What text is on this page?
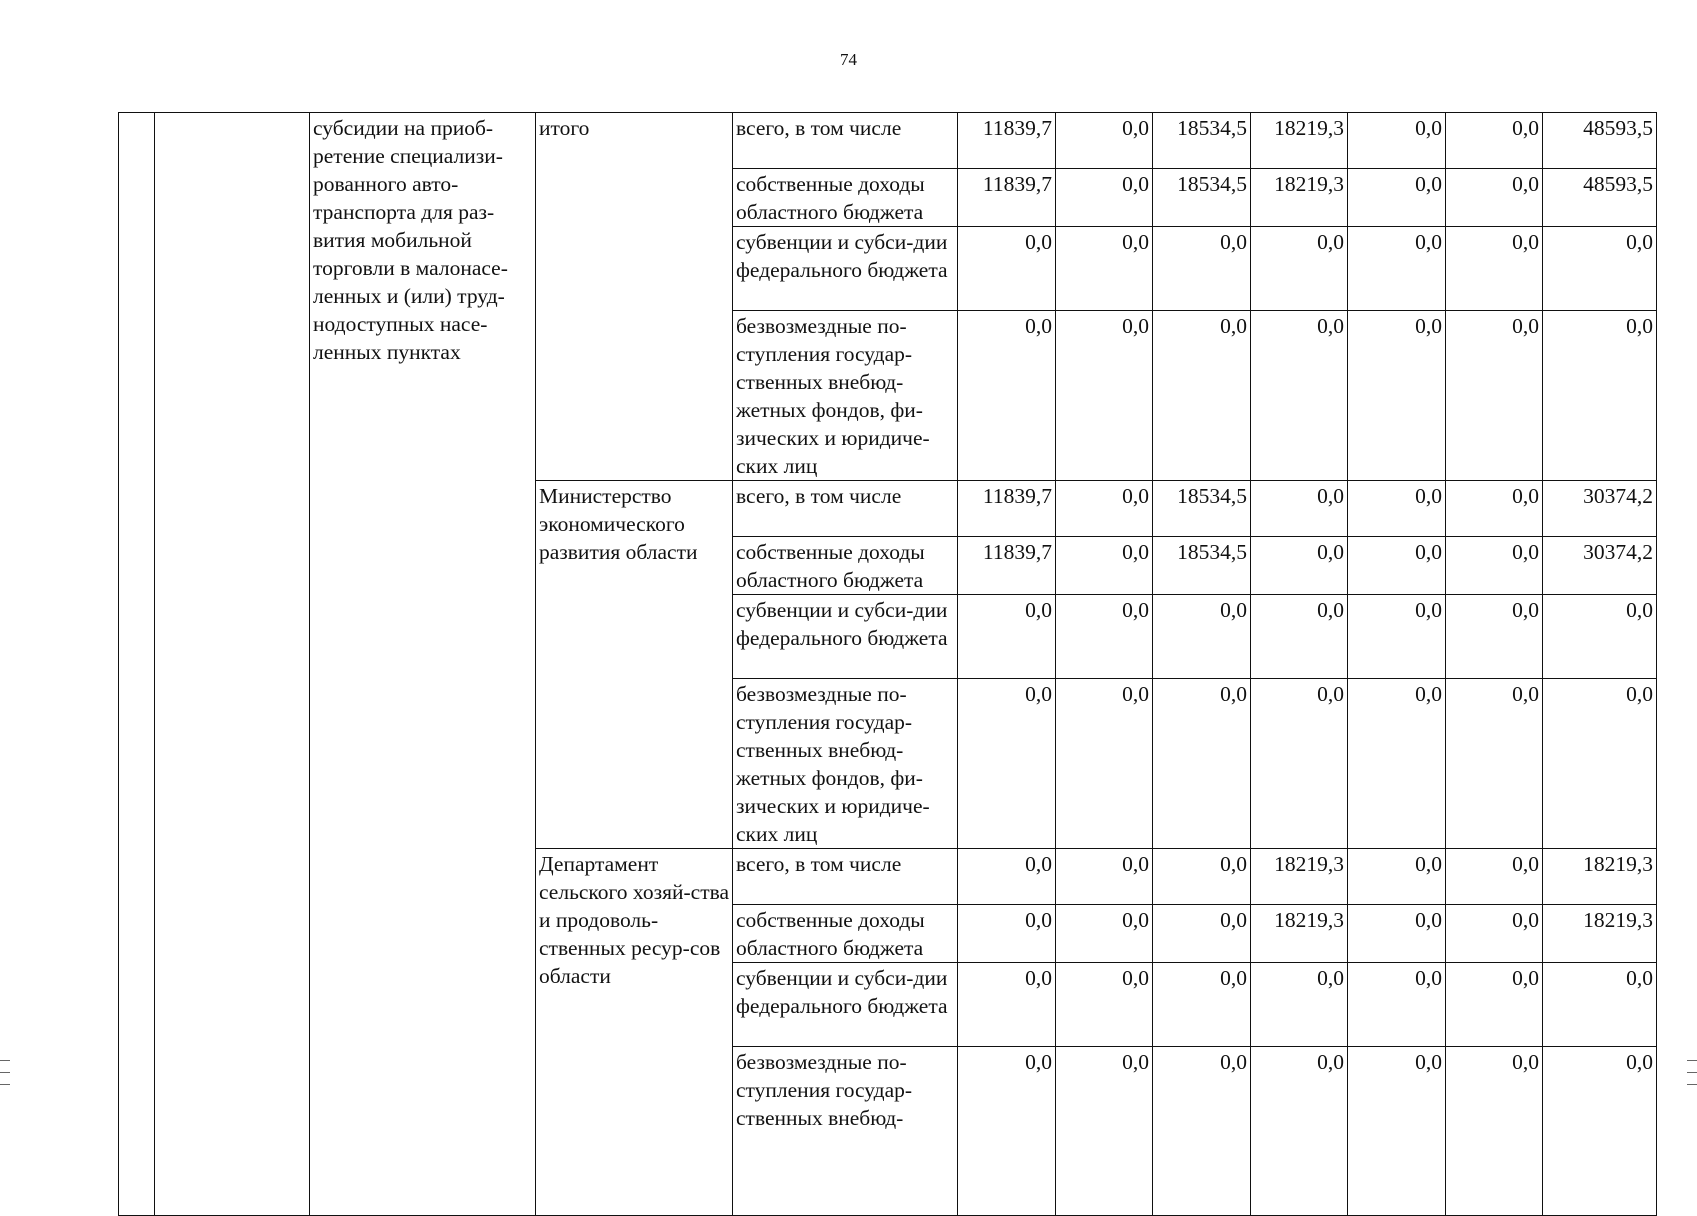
74
		субсидии на приоб-ретение специализи-рованного авто-транспорта для раз-вития мобильной торговли в малонасе-ленных и (или) труд-нодоступных насе-ленных пунктах	итого	всего, в том числе	11839,7	0,0	18534,5	18219,3	0,0	0,0	48593,5
				собственные доходы областного бюджета	11839,7	0,0	18534,5	18219,3	0,0	0,0	48593,5
				субвенции и субси-дии федерального бюджета	0,0	0,0	0,0	0,0	0,0	0,0	0,0
				безвозмездные по-ступления государ-ственных внебюд-жетных фондов, фи-зических и юридиче-ских лиц	0,0	0,0	0,0	0,0	0,0	0,0	0,0
			Министерство экономического развития области	всего, в том числе	11839,7	0,0	18534,5	0,0	0,0	0,0	30374,2
				собственные доходы областного бюджета	11839,7	0,0	18534,5	0,0	0,0	0,0	30374,2
				субвенции и субси-дии федерального бюджета	0,0	0,0	0,0	0,0	0,0	0,0	0,0
				безвозмездные по-ступления государ-ственных внебюд-жетных фондов, фи-зических и юридиче-ских лиц	0,0	0,0	0,0	0,0	0,0	0,0	0,0
			Департамент сельского хозяй-ства и продоволь-ственных ресур-сов области	всего, в том числе	0,0	0,0	0,0	18219,3	0,0	0,0	18219,3
				собственные доходы областного бюджета	0,0	0,0	0,0	18219,3	0,0	0,0	18219,3
				субвенции и субси-дии федерального бюджета	0,0	0,0	0,0	0,0	0,0	0,0	0,0
				безвозмездные по-ступления государ-ственных внебюд-	0,0	0,0	0,0	0,0	0,0	0,0	0,0
